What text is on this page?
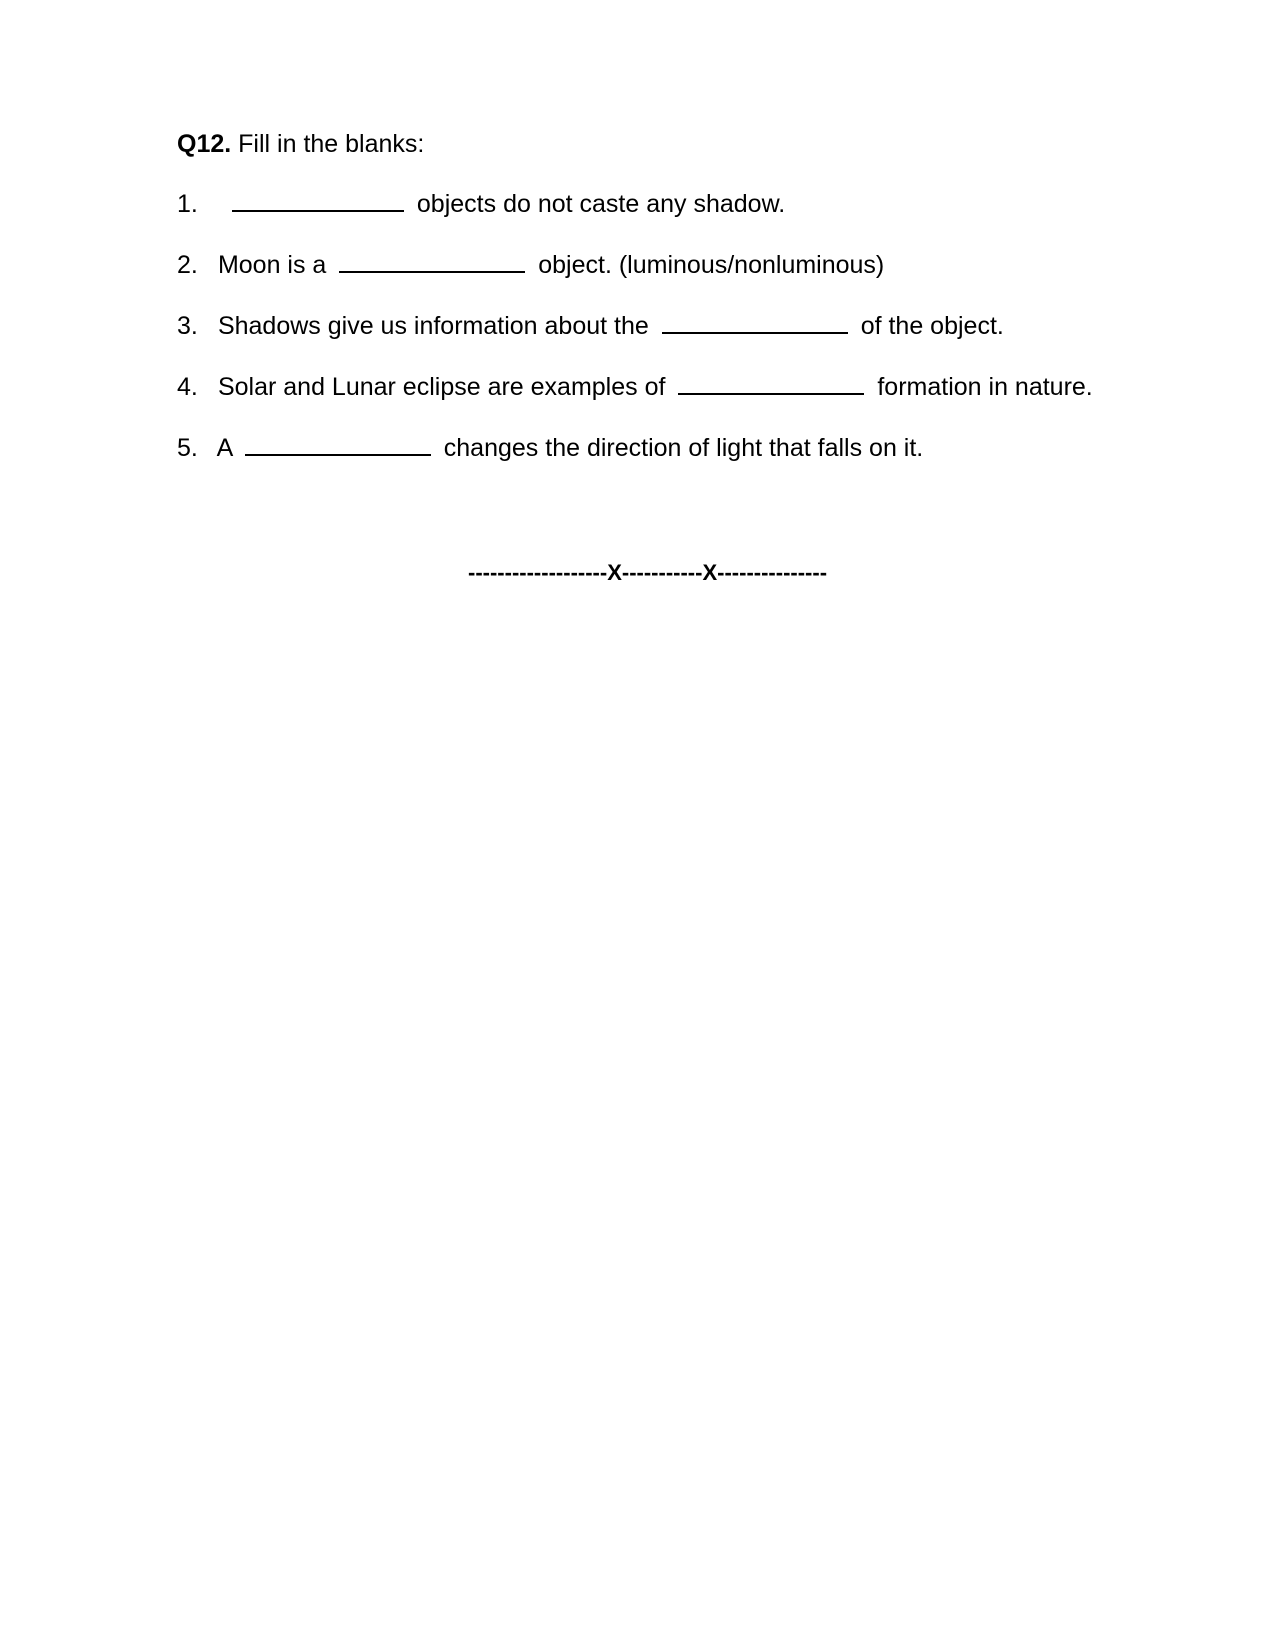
Q12. Fill in the blanks:
1.	objects do not caste any shadow.
2. Moon is a	object. (luminous/nonluminous)
3. Shadows give us information about the	of the object.
4. Solar and Lunar eclipse are examples of	formation in nature.
5. A	changes the direction of light that falls on it.
-------------------X-----------X---------------
